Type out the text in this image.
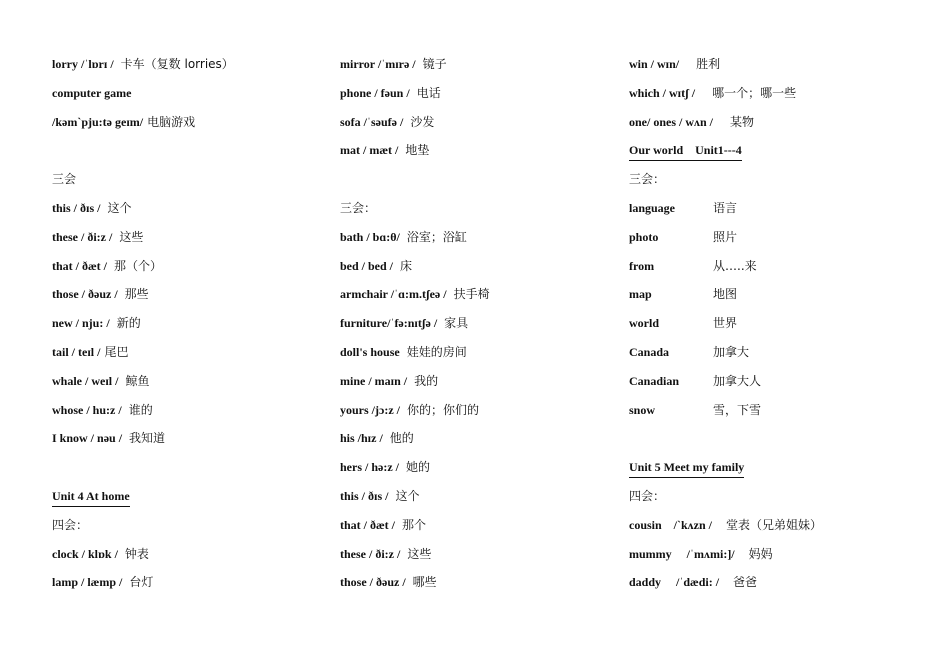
lorry /ˈlɒrɪ / 卡车（复数 lorries）
computer game
/kəmˋpju:tə geɪm/ 电脑游戏
三会
this / ðɪs / 这个
these / ði:z / 这些
that / ðæt / 那（个）
those / ðəuz / 那些
new / nju: / 新的
tail / teɪl / 尾巴
whale / weɪl / 鲸鱼
whose / hu:z / 谁的
I know / nəu / 我知道
Unit 4 At home
四会：
clock / klɒk / 钟表
lamp / læmp / 台灯
mirror /ˈmɪrə / 镜子
phone / fəun / 电话
sofa /ˈsəufə / 沙发
mat / mæt / 地垫
三会：
bath / bɑ:θ/ 浴室；浴缸
bed / bed / 床
armchair /ˈɑ:m.tʃeə / 扶手椅
furniture/ˈfə:nɪtʃə / 家具
doll's house 娃娃的房间
mine / maɪn / 我的
yours /jɔ:z / 你的；你们的
his /hɪz / 他的
hers / hə:z / 她的
this / ðɪs / 这个
that / ðæt / 那个
these / ði:z / 这些
those / ðəuz / 哪些
win / wɪn/ 胜利
which / wɪtʃ / 哪一个；哪一些
one/ ones / wʌn / 某物
Our world    Unit1---4
三会：
language	语言
photo	照片
from	从…..来
map	地图
world	世界
Canada	加拿大
Canadian	加拿大人
snow	雪，下雪
Unit 5 Meet my family
四会：
cousin    /ˋkʌzn / 堂表（兄弟姐妹）
mummy     /ˈmʌmi:]/ 妈妈
daddy     /ˈdædi: / 爸爸
